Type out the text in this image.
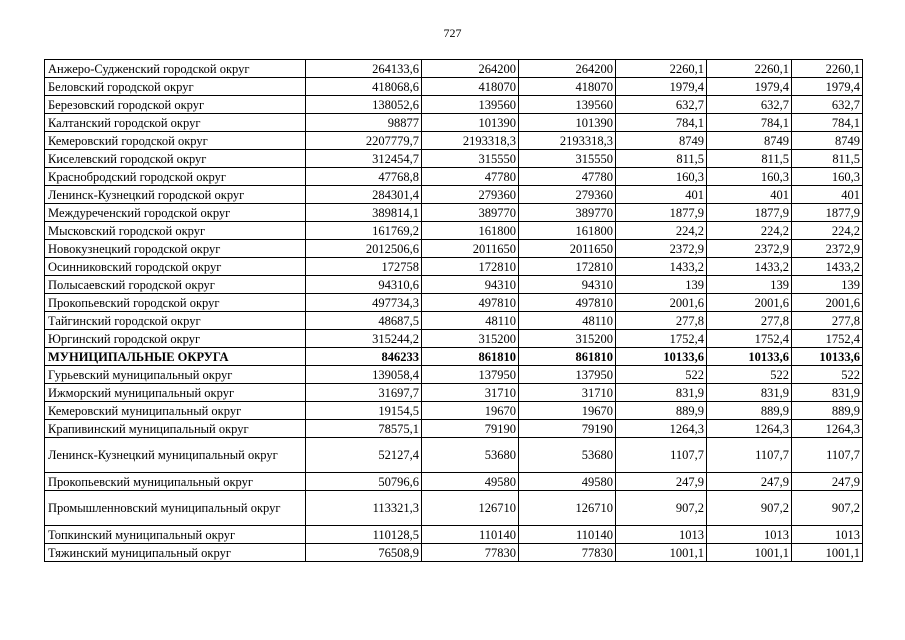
727
Анжеро-Судженский городской округ	264133,6	264200	264200	2260,1	2260,1	2260,1
Беловский городской округ	418068,6	418070	418070	1979,4	1979,4	1979,4
Березовский городской округ	138052,6	139560	139560	632,7	632,7	632,7
Калтанский городской округ	98877	101390	101390	784,1	784,1	784,1
Кемеровский городской округ	2207779,7	2193318,3	2193318,3	8749	8749	8749
Киселевский городской округ	312454,7	315550	315550	811,5	811,5	811,5
Краснобродский городской округ	47768,8	47780	47780	160,3	160,3	160,3
Ленинск-Кузнецкий городской округ	284301,4	279360	279360	401	401	401
Междуреченский городской округ	389814,1	389770	389770	1877,9	1877,9	1877,9
Мысковский городской округ	161769,2	161800	161800	224,2	224,2	224,2
Новокузнецкий городской округ	2012506,6	2011650	2011650	2372,9	2372,9	2372,9
Осинниковский городской округ	172758	172810	172810	1433,2	1433,2	1433,2
Полысаевский городской округ	94310,6	94310	94310	139	139	139
Прокопьевский городской округ	497734,3	497810	497810	2001,6	2001,6	2001,6
Тайгинский городской округ	48687,5	48110	48110	277,8	277,8	277,8
Юргинский городской округ	315244,2	315200	315200	1752,4	1752,4	1752,4
МУНИЦИПАЛЬНЫЕ ОКРУГА	846233	861810	861810	10133,6	10133,6	10133,6
Гурьевский муниципальный округ	139058,4	137950	137950	522	522	522
Ижморский муниципальный округ	31697,7	31710	31710	831,9	831,9	831,9
Кемеровский муниципальный округ	19154,5	19670	19670	889,9	889,9	889,9
Крапивинский муниципальный округ	78575,1	79190	79190	1264,3	1264,3	1264,3
Ленинск-Кузнецкий муниципальный округ	52127,4	53680	53680	1107,7	1107,7	1107,7
Прокопьевский муниципальный округ	50796,6	49580	49580	247,9	247,9	247,9
Промышленновский муниципальный округ	113321,3	126710	126710	907,2	907,2	907,2
Топкинский муниципальный округ	110128,5	110140	110140	1013	1013	1013
Тяжинский муниципальный округ	76508,9	77830	77830	1001,1	1001,1	1001,1
